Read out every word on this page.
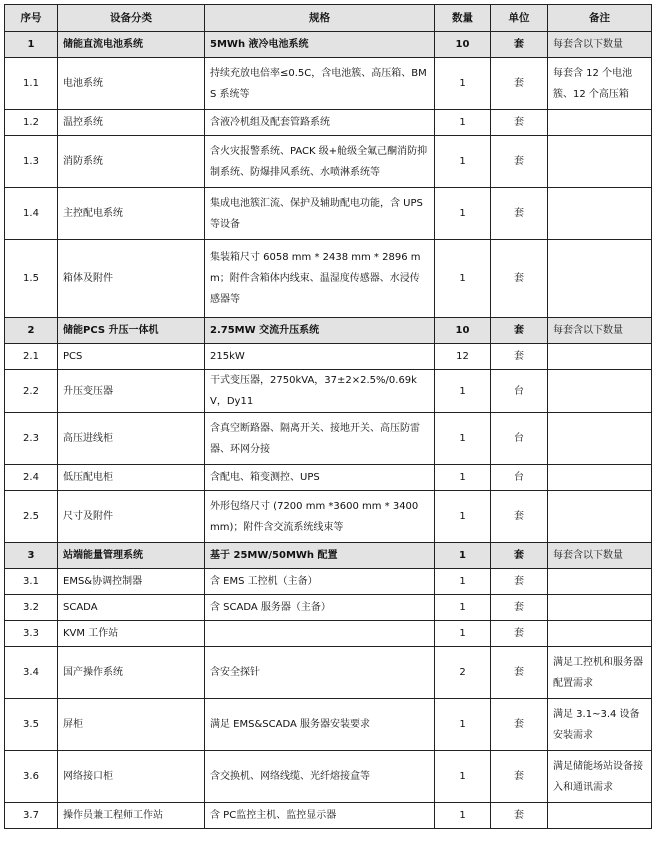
序号	设备分类	规格	数量	单位	备注
1	储能直流电池系统	5MWh 液冷电池系统	10	套	每套含以下数量
1.1	电池系统	持续充放电倍率≤0.5C，含电池簇、高压箱、BMS 系统等	1	套	每套含 12 个电池簇、12 个高压箱
1.2	温控系统	含液冷机组及配套管路系统	1	套	
1.3	消防系统	含火灾报警系统、PACK 级+舱级全氟己酮消防抑制系统、防爆排风系统、水喷淋系统等	1	套	
1.4	主控配电系统	集成电池簇汇流、保护及辅助配电功能，含 UPS 等设备	1	套	
1.5	箱体及附件	集装箱尺寸 6058 mm * 2438 mm * 2896 mm；附件含箱体内线束、温湿度传感器、水浸传感器等	1	套	
2	储能PCS 升压一体机	2.75MW 交流升压系统	10	套	每套含以下数量
2.1	PCS	215kW	12	套	
2.2	升压变压器	干式变压器，2750kVA，37±2×2.5%/0.69kV，Dy11	1	台	
2.3	高压进线柜	含真空断路器、隔离开关、接地开关、高压防雷器、环网分接	1	台	
2.4	低压配电柜	含配电、箱变测控、UPS	1	台	
2.5	尺寸及附件	外形包络尺寸 (7200 mm *3600 mm * 3400 mm)；附件含交流系统线束等	1	套	
3	站端能量管理系统	基于 25MW/50MWh 配置	1	套	每套含以下数量
3.1	EMS&协调控制器	含 EMS 工控机（主备）	1	套	
3.2	SCADA	含 SCADA 服务器（主备）	1	套	
3.3	KVM 工作站		1	套	
3.4	国产操作系统	含安全探针	2	套	满足工控机和服务器配置需求
3.5	屏柜	满足 EMS&SCADA 服务器安装要求	1	套	满足 3.1~3.4 设备安装需求
3.6	网络接口柜	含交换机、网络线缆、光纤熔接盒等	1	套	满足储能场站设备接入和通讯需求
3.7	操作员兼工程师工作站	含 PC监控主机、监控显示器	1	套	
